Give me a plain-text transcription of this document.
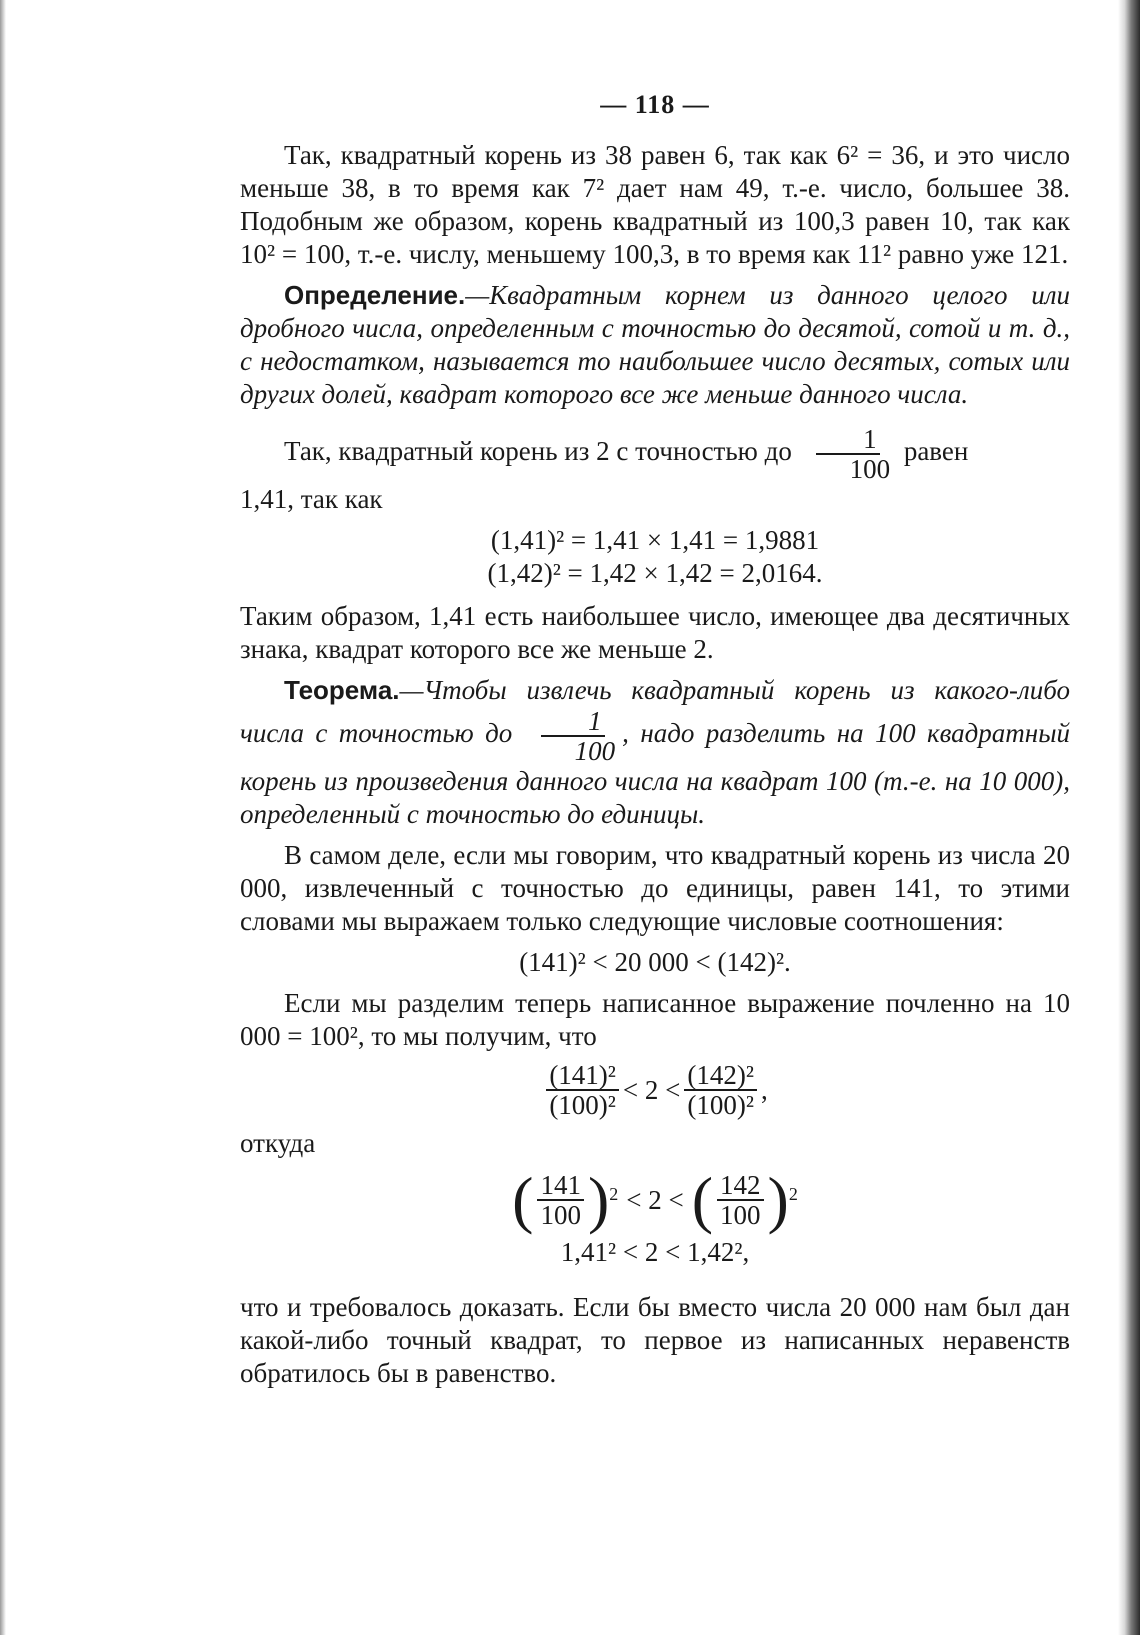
— 118 —

Так, квадратный корень из 38 равен 6, так как 6² = 36, и это число меньше 38, в то время как 7² дает нам 49, т.-е. число, большее 38. Подобным же образом, корень квадратный из 100,3 равен 10, так как 10² = 100, т.-е. числу, меньшему 100,3, в то время как 11² равно уже 121.

Определение.—Квадратным корнем из данного целого или дробного числа, определенным с точностью до десятой, сотой и т. д., с недостатком, называется то наибольшее число десятых, сотых или других долей, квадрат которого все же меньше данного числа.

Так, квадратный корень из 2 с точностью до $\frac{1}{100}$ равен

1,41, так как

(1,41)² = 1,41 × 1,41 = 1,9881
(1,42)² = 1,42 × 1,42 = 2,0164.

Таким образом, 1,41 есть наибольшее число, имеющее два десятичных знака, квадрат которого все же меньше 2.

Теорема.—Чтобы извлечь квадратный корень из какого-либо числа с точностью до $\frac{1}{100}$ , надо разделить на 100 квадратный корень из произведения данного числа на квадрат 100 (т.-е. на 10 000), определенный с точностью до единицы.

В самом деле, если мы говорим, что квадратный корень из числа 20 000, извлеченный с точностью до единицы, равен 141, то этими словами мы выражаем только следующие числовые соотношения:

(141)² < 20 000 < (142)².

Если мы разделим теперь написанное выражение почленно на 10 000 = 100², то мы получим, что

$\frac{\text{(141)²}}{\text{(100)²}} < 2 < \frac{\text{(142)²}}{\text{(100)²}}$ ,

откуда

( $\frac{141}{100}$ ) 2 < 2 < ( $\frac{142}{100}$ ) 2
1,41² < 2 < 1,42²,

что и требовалось доказать. Если бы вместо числа 20 000 нам был дан какой-либо точный квадрат, то первое из написанных неравенств обратилось бы в равенство.
